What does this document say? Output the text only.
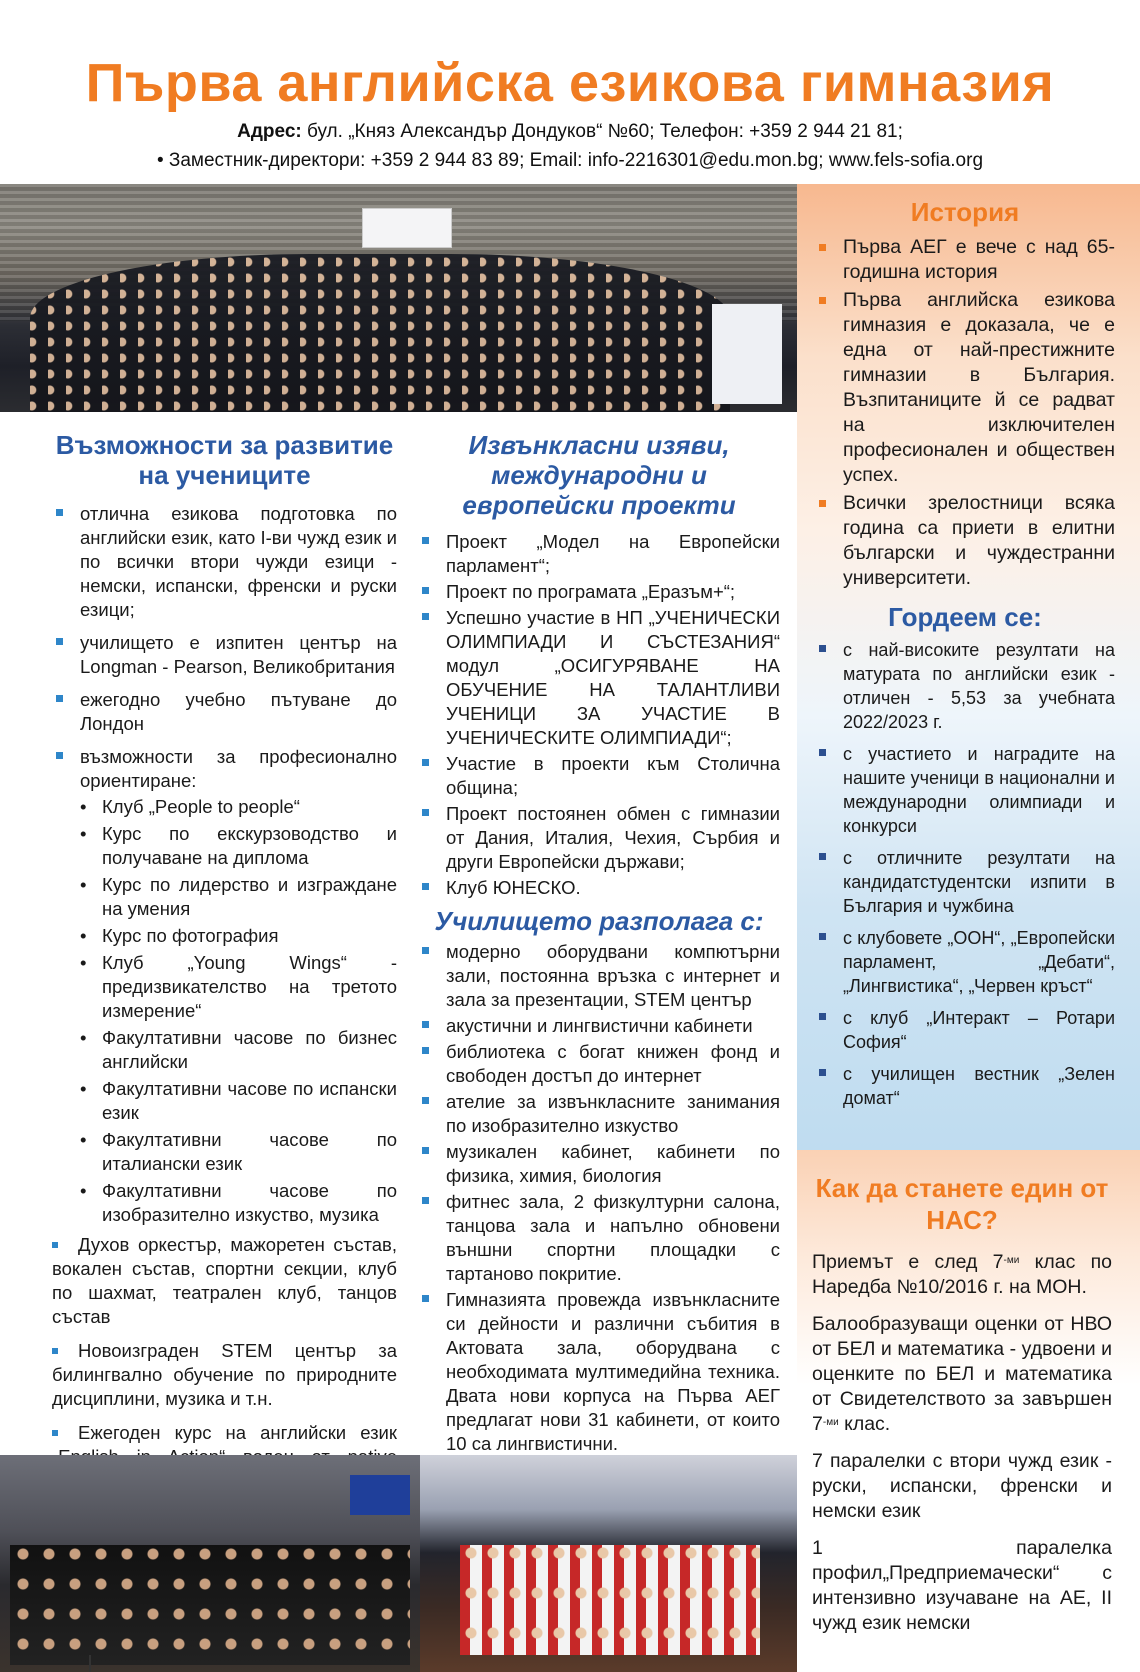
Първа английска езикова гимназия
Адрес: бул. „Княз Александър Дондуков“ №60; Телефон: +359 2 944 21 81;
• Заместник-директори: +359 2 944 83 89; Email: info-2216301@edu.mon.bg; www.fels-sofia.org
Възможности за развитие на учениците
отлична езикова подготовка по английски език, като I-ви чужд език и по всички втори чужди езици - немски, испански, френски и руски езици;
училището е изпитен център на Longman - Pearson, Великобритания
ежегодно учебно пътуване до Лондон
възможности за професионално ориентиране:
• Клуб „People to people“
• Курс по екскурзоводство и получаване на диплома
• Курс по лидерство и изграждане на умения
• Курс по фотография
• Клуб „Young Wings“ - предизвикателство на третото измерение“
• Факултативни часове по бизнес английски
• Факултативни часове по испански език
• Факултативни часове по италиански език
• Факултативни часове по изобразително изкуство, музика

Духов оркестър, мажоретен състав, вокален състав, спортни секции, клуб по шахмат, театрален клуб, танцов състав

Новоизграден STEM център за билингвално обучение по природните дисциплини, музика и т.н.

Ежегоден курс на английски език

Извънкласни изяви, международни и европейски проекти
Проект „Модел на Европейски парламент“;
Проект по програмата „Еразъм+“;
Успешно участие в НП „УЧЕНИЧЕСКИ ОЛИМПИАДИ И СЪСТЕЗАНИЯ“ модул „ОСИГУРЯВАНЕ НА ОБУЧЕНИЕ НА ТАЛАНТЛИВИ УЧЕНИЦИ ЗА УЧАСТИЕ В УЧЕНИЧЕСКИТЕ ОЛИМПИАДИ“;
Участие в проекти към Столична община;
Проект постоянен обмен с гимназии от Дания, Италия, Чехия, Сърбия и други Европейски държави;
Клуб ЮНЕСКО.
Училището разполага с:
модерно оборудвани компютърни зали, постоянна връзка с интернет и зала за презентации, STEM център
акустични и лингвистични кабинети
библиотека с богат книжен фонд и свободен достъп до интернет
ателие за извънкласните занимания по изобразително изкуство
музикален кабинет, кабинети по физика, химия, биология
фитнес зала, 2 физкултурни салона, танцова зала и напълно обновени външни спортни площадки с тартаново покритие.
Гимназията провежда извънкласните си дейности и различни събития в Актовата зала, оборудвана с необходимата мултимедийна техника. Двата нови корпуса на Първа АЕГ предлагат нови 31 кабинети, от които 10 са лингвистични.
История
Първа АЕГ е вече с над 65-годишна история
Първа английска езикова гимназия е доказала, че е една от най-престижните гимназии в България. Възпитаниците й се радват на изключителен професионален и обществен успех.
Всички зрелостници всяка година са приети в елитни български и чуждестранни университети.
Гордеем се:
с най-високите резултати на матурата по английски език - отличен - 5,53 за учебната 2022/2023 г.
с участието и наградите на нашите ученици в национални и международни олимпиади и конкурси
с отличните резултати на кандидатстудентски изпити в България и чужбина
с клубовете „ООН“, „Европейски парламент, „Дебати“, „Лингвистика“, „Червен кръст“
с клуб „Интеракт – Ротари София“
с училищен вестник „Зелен домат“
Как да станете един от НАС?

Приемът е след $7^{-ми}$ клас по Наредба №10/2016 г. на МОН.

Балообразуващи оценки от НВО от БЕЛ и математика - удвоени и оценките по БЕЛ и математика от Свидетелството за завършен $7^{-ми}$ клас.

7 паралелки с втори чужд език - руски, испански, френски и немски език

1 паралелка профил„Предприемачески“ с интензивно изучаване на АЕ, II чужд език немски
